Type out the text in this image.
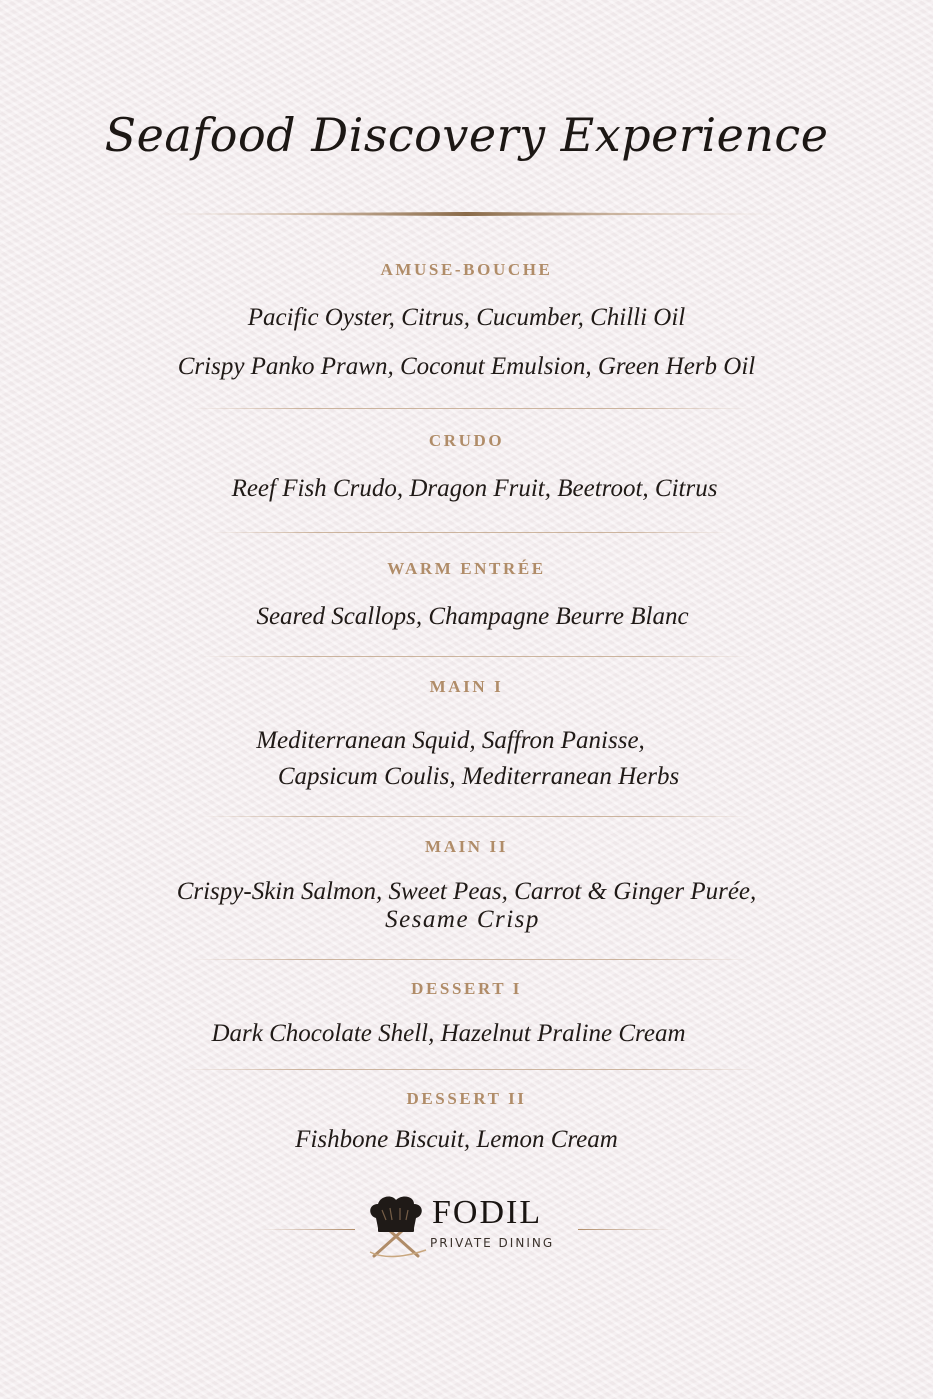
Seafood Discovery Experience
AMUSE-BOUCHE
Pacific Oyster, Citrus, Cucumber, Chilli Oil
Crispy Panko Prawn, Coconut Emulsion, Green Herb Oil
CRUDO
Reef Fish Crudo, Dragon Fruit, Beetroot, Citrus
WARM ENTRÉE
Seared Scallops, Champagne Beurre Blanc
MAIN I
Mediterranean Squid, Saffron Panisse,
Capsicum Coulis, Mediterranean Herbs
MAIN II
Crispy-Skin Salmon, Sweet Peas, Carrot & Ginger Purée,
Sesame Crisp
DESSERT I
Dark Chocolate Shell, Hazelnut Praline Cream
DESSERT II
Fishbone Biscuit, Lemon Cream
FODIL
PRIVATE DINING
